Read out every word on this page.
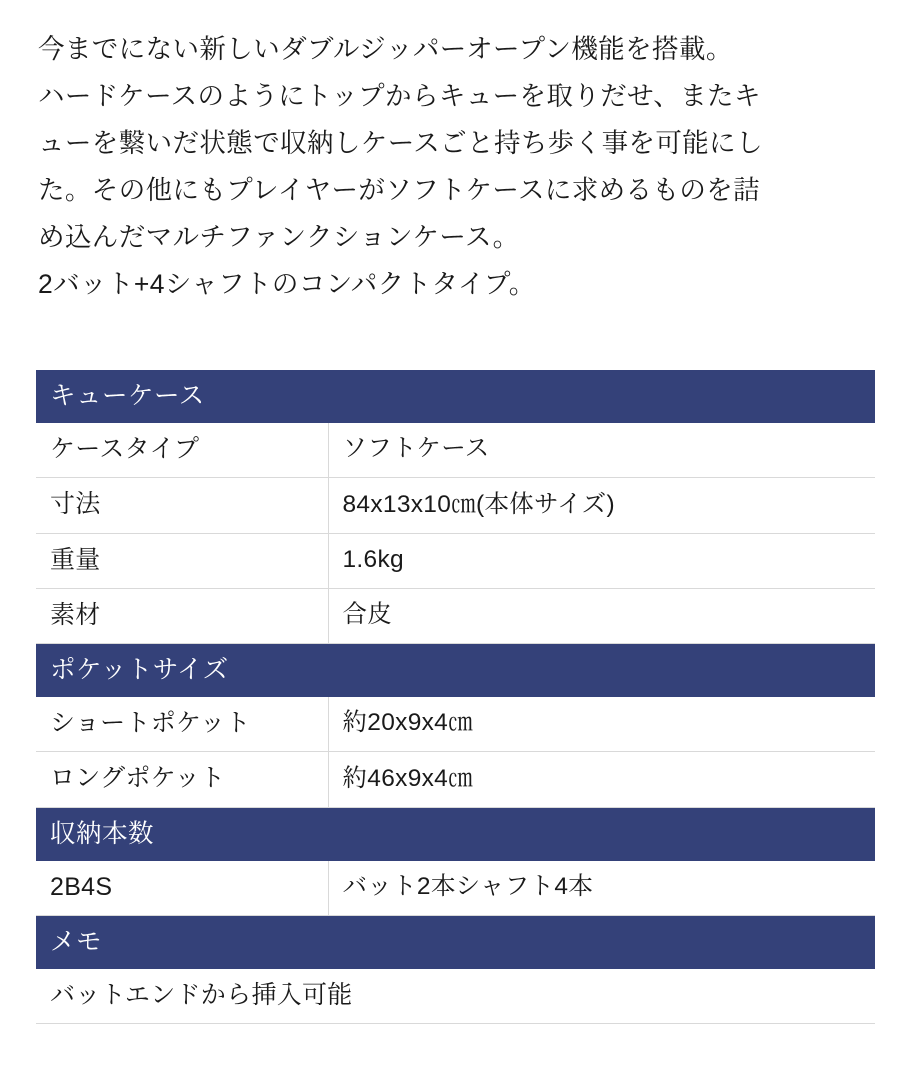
今までにない新しいダブルジッパーオープン機能を搭載。
ハードケースのようにトップからキューを取りだせ、またキ
ューを繋いだ状態で収納しケースごと持ち歩く事を可能にし
た。その他にもプレイヤーがソフトケースに求めるものを詰
め込んだマルチファンクションケース。
2バット+4シャフトのコンパクトタイプ。
キューケース	
ケースタイプ	ソフトケース
寸法	84x13x10㎝(本体サイズ)
重量	1.6kg
素材	合皮
ポケットサイズ	
ショートポケット	約20x9x4㎝
ロングポケット	約46x9x4㎝
収納本数	
2B4S	バット2本シャフト4本
メモ	
バットエンドから挿入可能	
